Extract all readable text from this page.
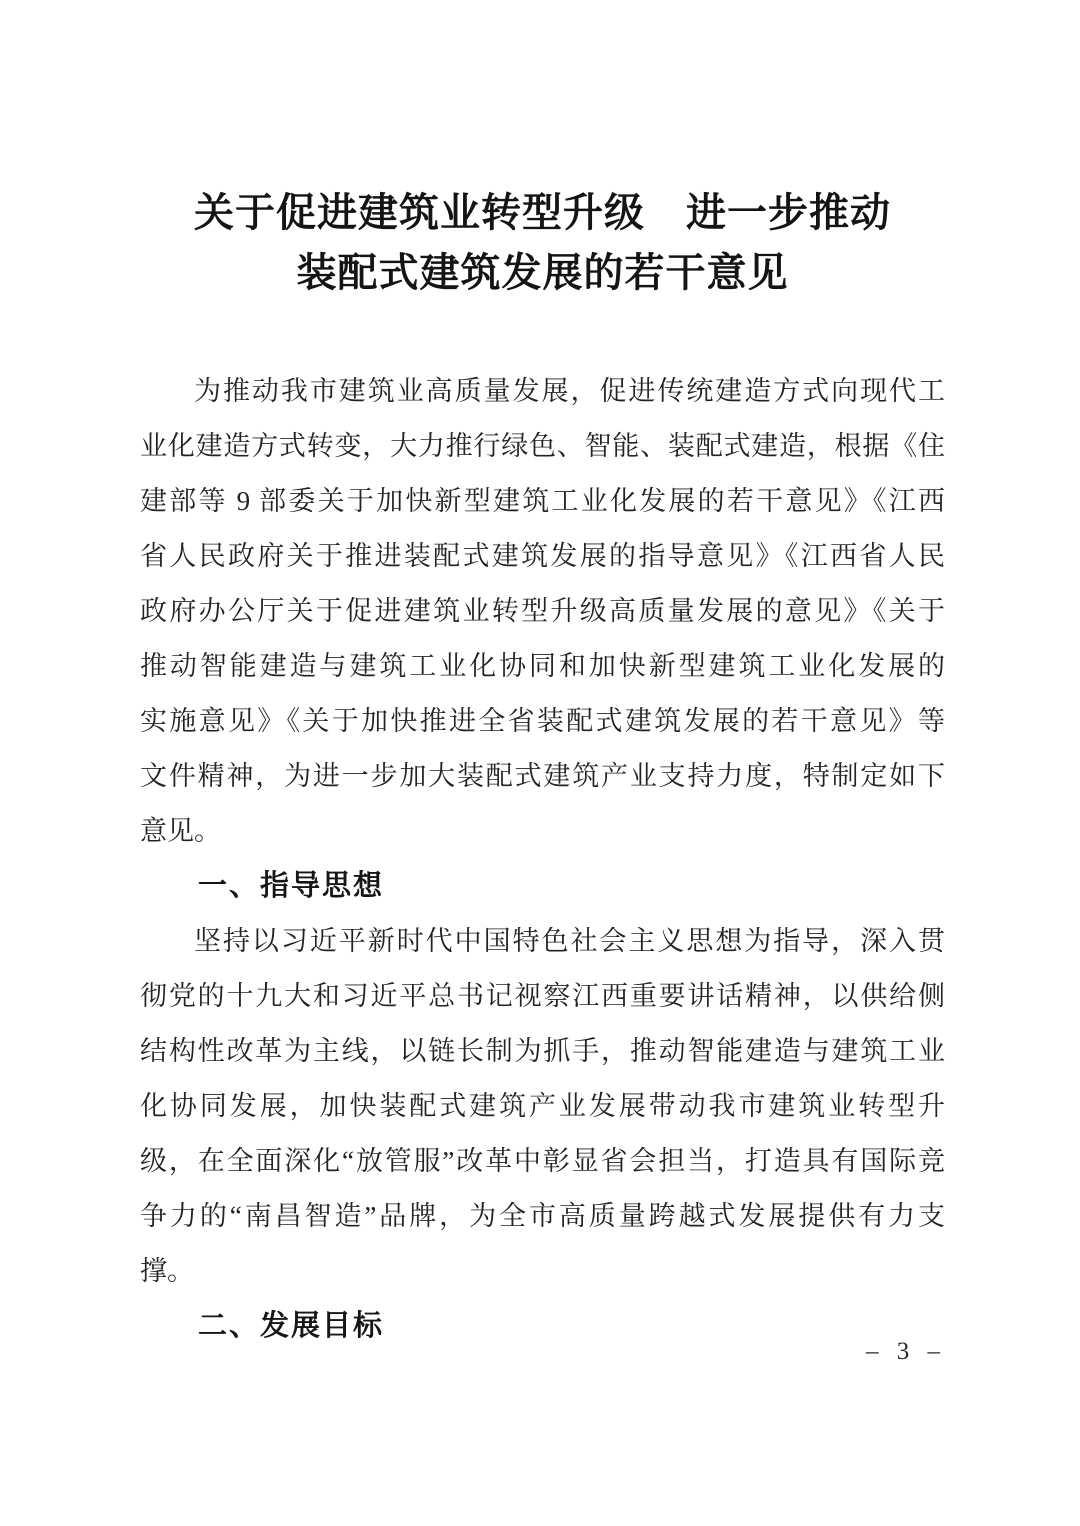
关于促进建筑业转型升级　进一步推动
装配式建筑发展的若干意见
为推动我市建筑业高质量发展，促进传统建造方式向现代工
业化建造方式转变，大力推行绿色、智能、装配式建造，根据《住
建部等 9 部委关于加快新型建筑工业化发展的若干意见》《江西
省人民政府关于推进装配式建筑发展的指导意见》《江西省人民
政府办公厅关于促进建筑业转型升级高质量发展的意见》《关于
推动智能建造与建筑工业化协同和加快新型建筑工业化发展的
实施意见》《关于加快推进全省装配式建筑发展的若干意见》等
文件精神，为进一步加大装配式建筑产业支持力度，特制定如下
意见。
一、指导思想
坚持以习近平新时代中国特色社会主义思想为指导，深入贯
彻党的十九大和习近平总书记视察江西重要讲话精神，以供给侧
结构性改革为主线，以链长制为抓手，推动智能建造与建筑工业
化协同发展，加快装配式建筑产业发展带动我市建筑业转型升
级，在全面深化“放管服”改革中彰显省会担当，打造具有国际竞
争力的“南昌智造”品牌，为全市高质量跨越式发展提供有力支
撑。
二、发展目标
– 3 –
